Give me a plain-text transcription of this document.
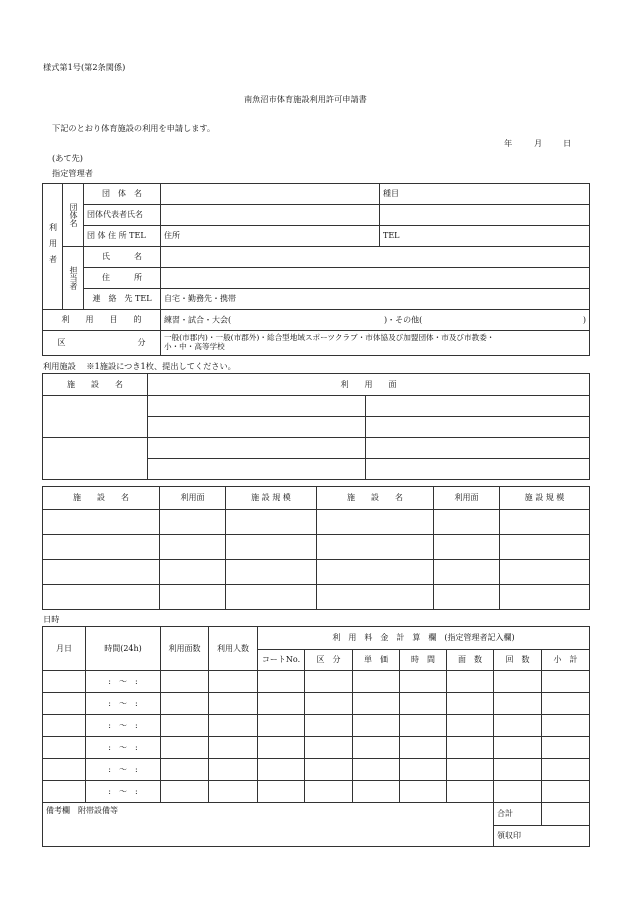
様式第1号(第2条関係)
南魚沼市体育施設利用許可申請書
下記のとおり体育施設の利用を申請します。
年	月	日
(あて先)
指定管理者
利用者	団体名	団　体　名		種目
		団体代表者氏名		
		団 体 住 所 TEL	住所	TEL
	担当者	氏　　　名		
		住　　　所		
		連　絡　先 TEL	自宅・勤務先・携帯	
利　　用　　目　　的			練習・試合・大会( )・その他( )	

区　　　　　　　　　分			一般(市郡内)・一般(市郡外)・総合型地域スポーツクラブ・市体協及び加盟団体・市及び市教委・
小・中・高等学校	
利用施設 ※1施設につき1枚、提出してください。
施　　設　　名	利　　用　　面	

施　　設　　名	利用面	施 設 規 模	施　　設　　名	利用面	施 設 規 模

日時
月日	時間(24h)	利用面数	利用人数	利　用　料　金　計　算　欄　(指定管理者記入欄)						
				コートNo.	区　分	単　価	時　間	面　数	回　数	小　計
	:　～　:									
	:　～　:									
	:　～　:									
	:　～　:									
	:　～　:									
	:　～　:									
備考欄　附帯設備等	合計	
領収印
